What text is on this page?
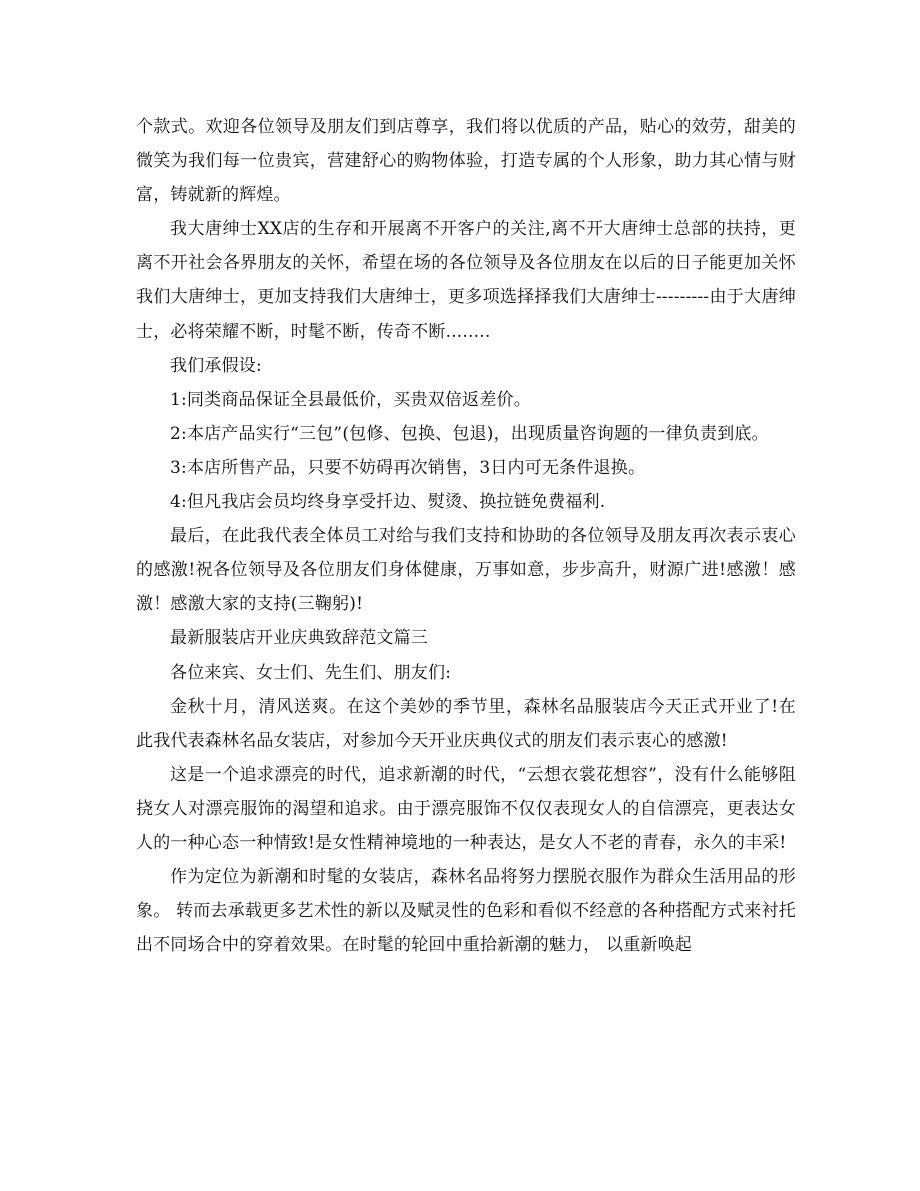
个款式。欢迎各位领导及朋友们到店尊享，我们将以优质的产品，贴心的效劳，甜美的微笑为我们每一位贵宾，营建舒心的购物体验，打造专属的个人形象，助力其心情与财富，铸就新的辉煌。

我大唐绅士XX店的生存和开展离不开客户的关注,离不开大唐绅士总部的扶持，更离不开社会各界朋友的关怀，希望在场的各位领导及各位朋友在以后的日子能更加关怀我们大唐绅士，更加支持我们大唐绅士，更多项选择择我们大唐绅士---------由于大唐绅士，必将荣耀不断，时髦不断，传奇不断........

我们承假设:

1:同类商品保证全县最低价，买贵双倍返差价。

2:本店产品实行“三包”(包修、包换、包退)，出现质量咨询题的一律负责到底。

3:本店所售产品，只要不妨碍再次销售，3日内可无条件退换。

4:但凡我店会员均终身享受扦边、熨烫、换拉链免费福利.

最后，在此我代表全体员工对给与我们支持和协助的各位领导及朋友再次表示衷心的感激!祝各位领导及各位朋友们身体健康，万事如意，步步高升，财源广进!感激！感激！感激大家的支持(三鞠躬)!

最新服装店开业庆典致辞范文篇三

各位来宾、女士们、先生们、朋友们:

金秋十月，清风送爽。在这个美妙的季节里，森林名品服装店今天正式开业了!在此我代表森林名品女装店，对参加今天开业庆典仪式的朋友们表示衷心的感激!

这是一个追求漂亮的时代，追求新潮的时代，“云想衣裳花想容”，没有什么能够阻挠女人对漂亮服饰的渴望和追求。由于漂亮服饰不仅仅表现女人的自信漂亮，更表达女人的一种心态一种情致!是女性精神境地的一种表达，是女人不老的青春，永久的丰采!

作为定位为新潮和时髦的女装店，森林名品将努力摆脱衣服作为群众生活用品的形象。 转而去承载更多艺术性的新以及赋灵性的色彩和看似不经意的各种搭配方式来衬托出不同场合中的穿着效果。在时髦的轮回中重拾新潮的魅力， 以重新唤起
